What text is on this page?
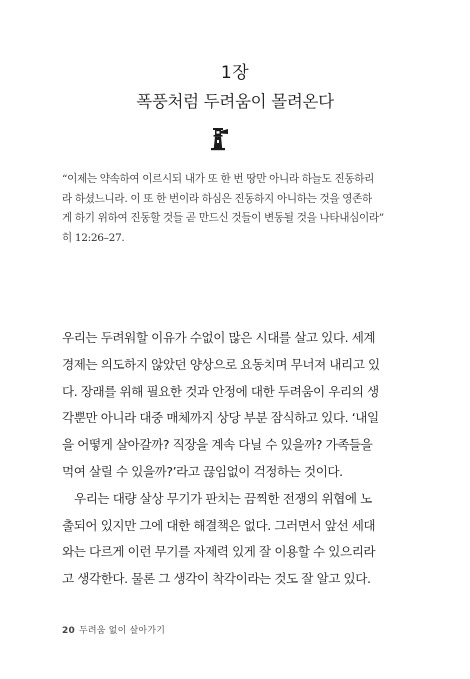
1장
폭풍처럼 두려움이 몰려온다
“이제는 약속하여 이르시되 내가 또 한 번 땅만 아니라 하늘도 진동하리
라 하셨느니라. 이 또 한 번이라 하심은 진동하지 아니하는 것을 영존하
게 하기 위하여 진동할 것들 곧 만드신 것들이 변동될 것을 나타내심이라”
히 12:26–27.
우리는 두려워할 이유가 수없이 많은 시대를 살고 있다. 세계
경제는 의도하지 않았던 양상으로 요동치며 무너져 내리고 있
다. 장래를 위해 필요한 것과 안정에 대한 두려움이 우리의 생
각뿐만 아니라 대중 매체까지 상당 부분 잠식하고 있다. ‘내일
을 어떻게 살아갈까? 직장을 계속 다닐 수 있을까? 가족들을
먹여 살릴 수 있을까?’라고 끊임없이 걱정하는 것이다.
우리는 대량 살상 무기가 판치는 끔찍한 전쟁의 위협에 노
출되어 있지만 그에 대한 해결책은 없다. 그러면서 앞선 세대
와는 다르게 이런 무기를 자제력 있게 잘 이용할 수 있으리라
고 생각한다. 물론 그 생각이 착각이라는 것도 잘 알고 있다.
20 두려움 없이 살아가기
